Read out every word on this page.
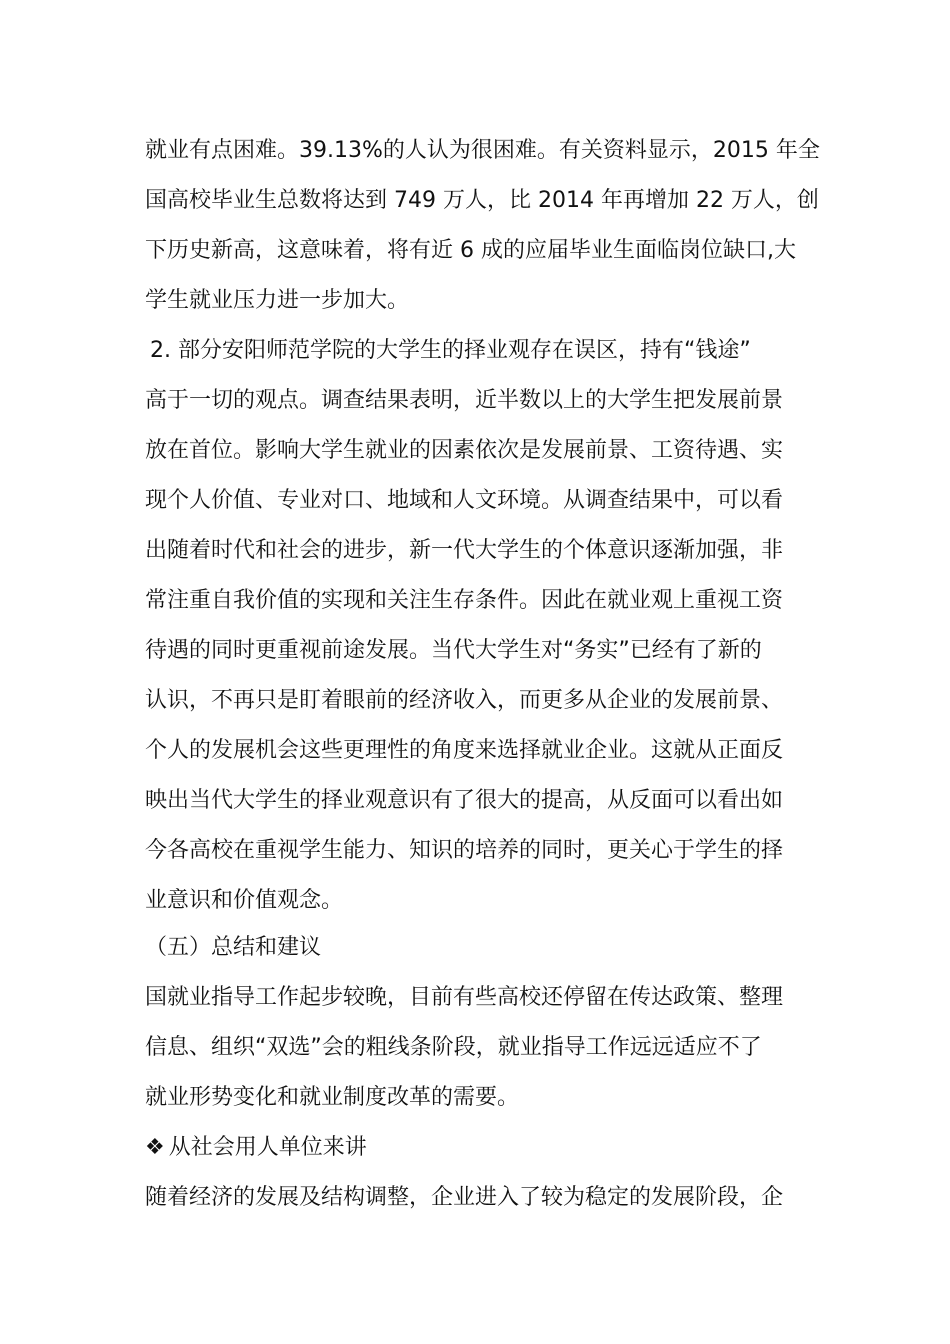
就业有点困难。39.13%的人认为很困难。有关资料显示，2015 年全
国高校毕业生总数将达到 749 万人，比 2014 年再增加 22 万人，创
下历史新高，这意味着，将有近 6 成的应届毕业生面临岗位缺口,大
学生就业压力进一步加大。
2. 部分安阳师范学院的大学生的择业观存在误区，持有“钱途”
高于一切的观点。调查结果表明，近半数以上的大学生把发展前景
放在首位。影响大学生就业的因素依次是发展前景、工资待遇、实
现个人价值、专业对口、地域和人文环境。从调查结果中，可以看
出随着时代和社会的进步，新一代大学生的个体意识逐渐加强，非
常注重自我价值的实现和关注生存条件。因此在就业观上重视工资
待遇的同时更重视前途发展。当代大学生对“务实”已经有了新的
认识，不再只是盯着眼前的经济收入，而更多从企业的发展前景、
个人的发展机会这些更理性的角度来选择就业企业。这就从正面反
映出当代大学生的择业观意识有了很大的提高，从反面可以看出如
今各高校在重视学生能力、知识的培养的同时，更关心于学生的择
业意识和价值观念。
（五）总结和建议
国就业指导工作起步较晚，目前有些高校还停留在传达政策、整理
信息、组织“双选”会的粗线条阶段，就业指导工作远远适应不了
就业形势变化和就业制度改革的需要。
❖ 从社会用人单位来讲
随着经济的发展及结构调整，企业进入了较为稳定的发展阶段，企
